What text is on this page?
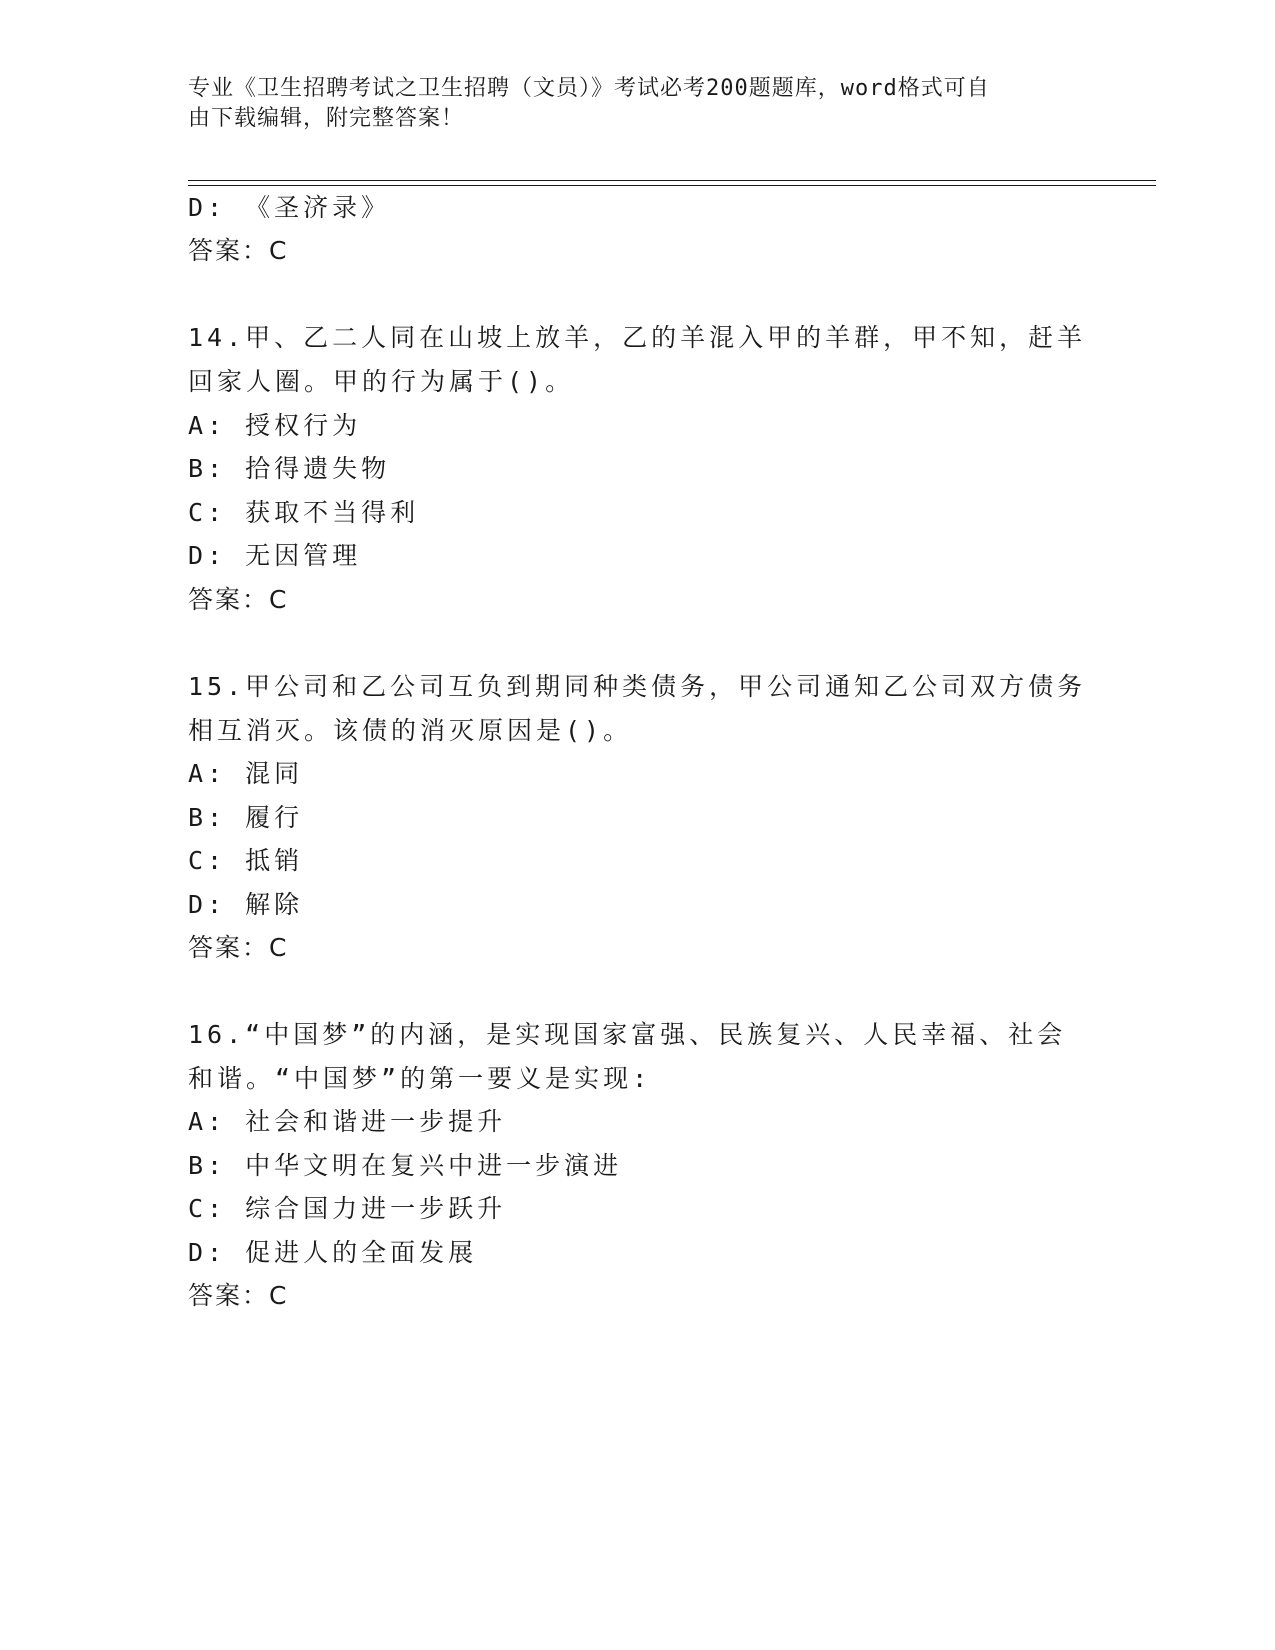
专业《卫生招聘考试之卫生招聘（文员）》考试必考200题题库，word格式可自
由下载编辑，附完整答案！
D: 《圣济录》
答案：C
14.甲、乙二人同在山坡上放羊，乙的羊混入甲的羊群，甲不知，赶羊
回家人圈。甲的行为属于()。
A: 授权行为
B: 拾得遗失物
C: 获取不当得利
D: 无因管理
答案：C
15.甲公司和乙公司互负到期同种类债务，甲公司通知乙公司双方债务
相互消灭。该债的消灭原因是()。
A: 混同
B: 履行
C: 抵销
D: 解除
答案：C
16.“中国梦”的内涵，是实现国家富强、民族复兴、人民幸福、社会
和谐。“中国梦”的第一要义是实现:
A: 社会和谐进一步提升
B: 中华文明在复兴中进一步演进
C: 综合国力进一步跃升
D: 促进人的全面发展
答案：C
